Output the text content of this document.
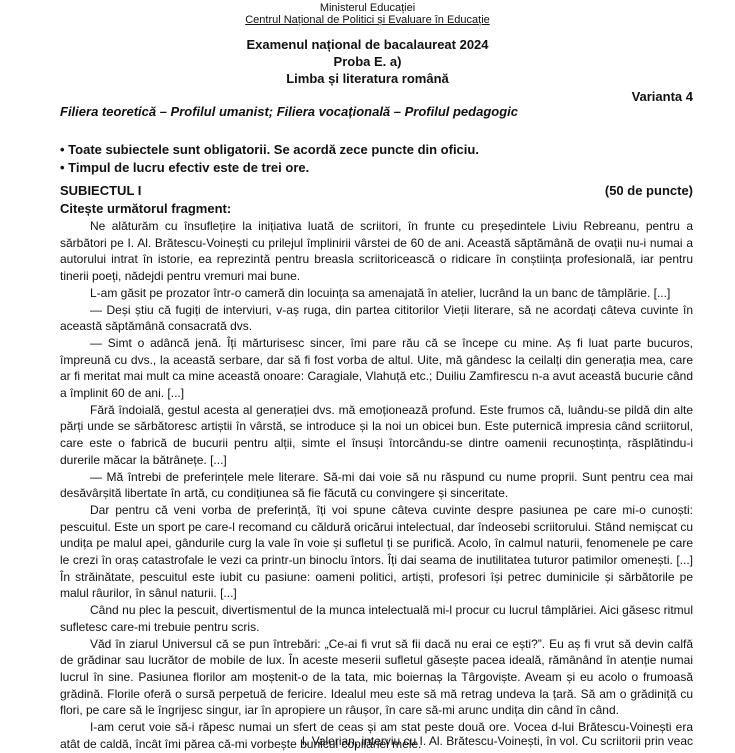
Ministerul Educației
Centrul Național de Politici și Evaluare în Educație
Examenul național de bacalaureat 2024
Proba E. a)
Limba și literatura română
Varianta 4
Filiera teoretică – Profilul umanist; Filiera vocațională – Profilul pedagogic
• Toate subiectele sunt obligatorii. Se acordă zece puncte din oficiu.
• Timpul de lucru efectiv este de trei ore.
SUBIECTUL I	(50 de puncte)
Citește următorul fragment:

Ne alăturăm cu însuflețire la inițiativa luată de scriitori, în frunte cu președintele Liviu Rebreanu, pentru a sărbători pe I. Al. Brătescu-Voinești cu prilejul împlinirii vârstei de 60 de ani. Această săptămână de ovații nu-i numai a autorului intrat în istorie, ea reprezintă pentru breasla scriitoricească o ridicare în conștiința profesională, iar pentru tinerii poeți, nădejdi pentru vremuri mai bune.

L-am găsit pe prozator într-o cameră din locuința sa amenajată în atelier, lucrând la un banc de tâmplărie. [...]

— Deși știu că fugiți de interviuri, v-aș ruga, din partea cititorilor Vieții literare, să ne acordați câteva cuvinte în această săptămână consacrată dvs.

— Simt o adâncă jenă. Îți mărturisesc sincer, îmi pare rău că se începe cu mine. Aș fi luat parte bucuros, împreună cu dvs., la această serbare, dar să fi fost vorba de altul. Uite, mă gândesc la ceilalți din generația mea, care ar fi meritat mai mult ca mine această onoare: Caragiale, Vlahuță etc.; Duiliu Zamfirescu n-a avut această bucurie când a împlinit 60 de ani. [...]

Fără îndoială, gestul acesta al generației dvs. mă emoționează profund. Este frumos că, luându-se pildă din alte părți unde se sărbătoresc artiștii în vârstă, se introduce și la noi un obicei bun. Este puternică impresia când scriitorul, care este o fabrică de bucurii pentru alții, simte el însuși întorcându-se dintre oamenii recunoștința, răsplătindu-i durerile măcar la bătrânețe. [...]

— Mă întrebi de preferințele mele literare. Să-mi dai voie să nu răspund cu nume proprii. Sunt pentru cea mai desăvârșită libertate în artă, cu condițiunea să fie făcută cu convingere și sinceritate.

Dar pentru că veni vorba de preferință, îți voi spune câteva cuvinte despre pasiunea pe care mi-o cunoști: pescuitul. Este un sport pe care-l recomand cu căldură oricărui intelectual, dar îndeosebi scriitorului. Stând nemișcat cu undița pe malul apei, gândurile curg la vale în voie și sufletul ți se purifică. Acolo, în calmul naturii, fenomenele pe care le crezi în oraș catastrofale le vezi ca printr-un binoclu întors. Îți dai seama de inutilitatea tuturor patimilor omenești. [...] În străinătate, pescuitul este iubit cu pasiune: oameni politici, artiști, profesori își petrec duminicile și sărbătorile pe malul râurilor, în sânul naturii. [...]

Când nu plec la pescuit, divertismentul de la munca intelectuală mi-l procur cu lucrul tâmplăriei. Aici găsesc ritmul sufletesc care-mi trebuie pentru scris.

Văd în ziarul Universul că se pun întrebări: „Ce-ai fi vrut să fii dacă nu erai ce ești?”. Eu aș fi vrut să devin calfă de grădinar sau lucrător de mobile de lux. În aceste meserii sufletul găsește pacea ideală, rămânând în atenție numai lucrul în sine. Pasiunea florilor am moștenit-o de la tata, mic boiernaș la Târgoviște. Aveam și eu acolo o frumoasă grădină. Florile oferă o sursă perpetuă de fericire. Idealul meu este să mă retrag undeva la țară. Să am o grădiniță cu flori, pe care să le îngrijesc singur, iar în apropiere un râușor, în care să-mi arunc undița din când în când.

I-am cerut voie să-i răpesc numai un sfert de ceas și am stat peste două ore. Vocea d-lui Brătescu-Voinești era atât de caldă, încât îmi părea că-mi vorbește bunicul copilăriei mele.

I. Valerian, interviu cu I. Al. Brătescu-Voinești, în vol. Cu scriitorii prin veac
